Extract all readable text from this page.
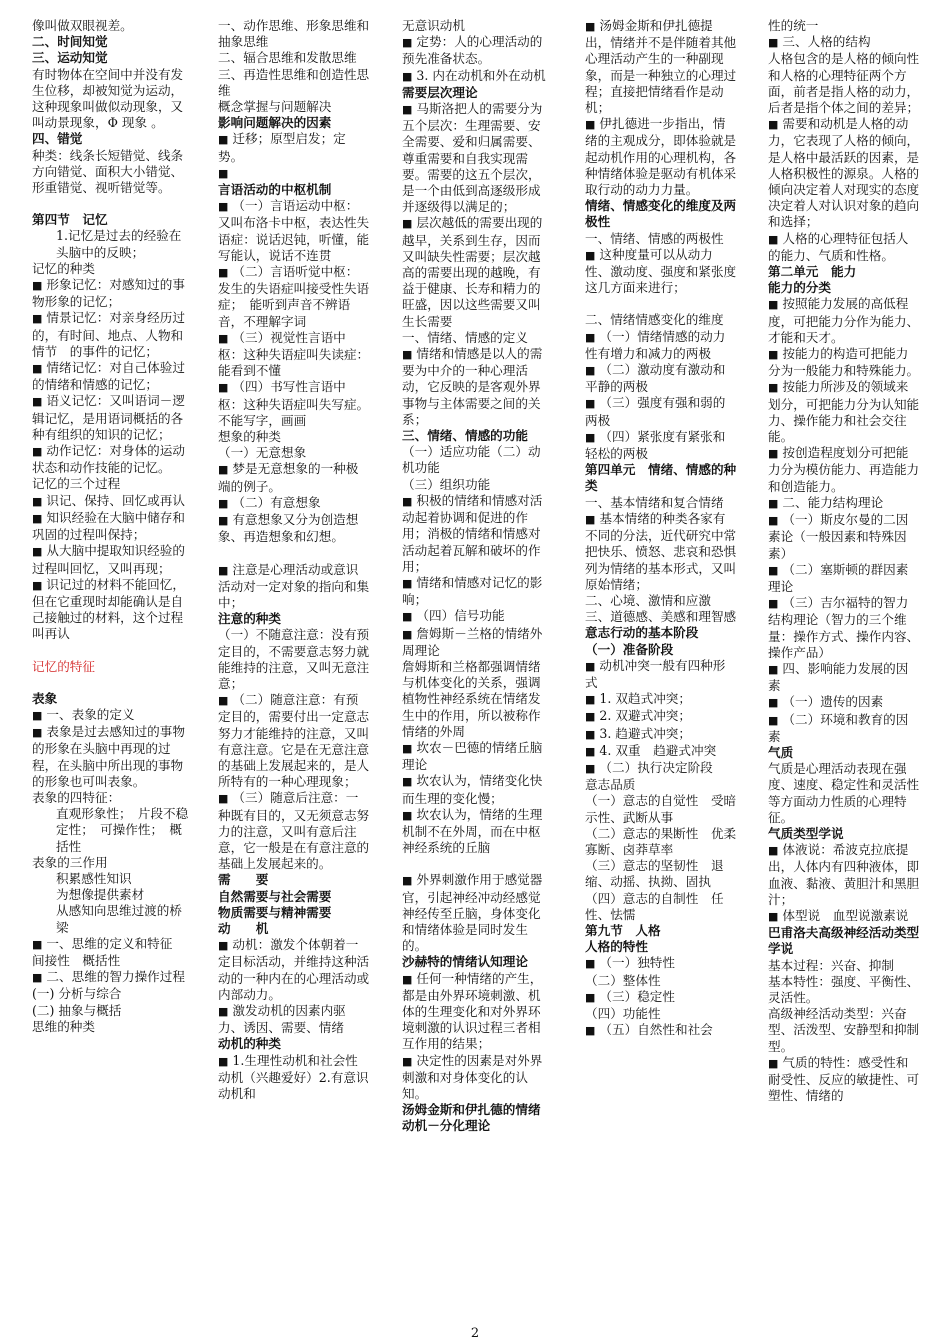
像叫做双眼视差。
二、时间知觉
三、运动知觉
有时物体在空间中并没有发生位移，却被知觉为运动，这种现象叫做似动现象，又叫动景现象，Φ 现象 。
四、错觉
种类：线条长短错觉、线条方向错觉、面积大小错觉、形重错觉、视听错觉等。
第四节　记忆
1.记忆是过去的经验在头脑中的反映；
记忆的种类
■ 形象记忆：对感知过的事物形象的记忆；
■ 情景记忆：对亲身经历过的，有时间、地点、人物和情节　的事件的记忆；
■ 情绪记忆：对自己体验过的情绪和情感的记忆；
■ 语义记忆：又叫语词－逻辑记忆，是用语词概括的各种有组织的知识的记忆；
■ 动作记忆：对身体的运动状态和动作技能的记忆。
记忆的三个过程
■ 识记、保持、回忆或再认
■ 知识经验在大脑中储存和巩固的过程叫保持；
■ 从大脑中提取知识经验的过程叫回忆，又叫再现；
■ 识记过的材料不能回忆，但在它重现时却能确认是自己接触过的材料，这个过程叫再认
记忆的特征
表象
■ 一、表象的定义
■ 表象是过去感知过的事物的形象在头脑中再现的过程，在头脑中所出现的事物的形象也可叫表象。
表象的四特征：
直观形象性；　片段不稳定性；　可操作性；　概括性
表象的三作用
积累感性知识
为想像提供素材
从感知向思维过渡的桥梁
■ 一、思维的定义和特征　间接性　概括性
■ 二、思维的智力操作过程
(一) 分析与综合
(二) 抽象与概括
思维的种类
一、动作思维、形象思维和抽象思维
二、辐合思维和发散思维
三、再造性思维和创造性思维
概念掌握与问题解决
影响问题解决的因素
■ 迁移；原型启发；定势。
■
言语活动的中枢机制
■ （一）言语运动中枢：又叫布洛卡中枢，表达性失语症：说话迟钝，听懂，能写能认，说话不连贯
■ （二）言语听觉中枢：发生的失语症叫接受性失语症；　能听到声音不辨语音，不理解字词
■ （三）视觉性言语中枢：这种失语症叫失读症：能看到不懂
■ （四）书写性言语中枢：这种失语症叫失写症。不能写字，画画
想象的种类
（一）无意想象
■ 梦是无意想象的一种极端的例子。
■ （二）有意想象
■ 有意想象又分为创造想象、再造想象和幻想。
■ 注意是心理活动或意识活动对一定对象的指向和集中；
注意的种类
（一）不随意注意：没有预定目的，不需要意志努力就能维持的注意，又叫无意注意；
■ （二）随意注意：有预定目的，需要付出一定意志努力才能维持的注意，又叫有意注意。它是在无意注意的基础上发展起来的，是人所特有的一种心理现象；
■ （三）随意后注意：一种既有目的，又无须意志努力的注意，又叫有意后注意，它一般是在有意注意的基础上发展起来的。
需　　要
自然需要与社会需要
物质需要与精神需要
动　　机
■ 动机：激发个体朝着一定目标活动，并维持这种活动的一种内在的心理活动或内部动力。
■ 激发动机的因素内驱力、诱因、需要、情绪
动机的种类
■ 1.生理性动机和社会性动机（兴趣爱好）2.有意识动机和
无意识动机
■ 定势：人的心理活动的预先准备状态。
■ 3. 内在动机和外在动机
需要层次理论
■ 马斯洛把人的需要分为五个层次：生理需要、安全需要、爱和归属需要、尊重需要和自我实现需要。需要的这五个层次，是一个由低到高逐级形成并逐级得以满足的；
■ 层次越低的需要出现的越早，关系到生存，因而又叫缺失性需要；层次越高的需要出现的越晚，有益于健康、长寿和精力的旺盛，因以这些需要又叫生长需要
一、情绪、情感的定义
■ 情绪和情感是以人的需要为中介的一种心理活动，它反映的是客观外界事物与主体需要之间的关系；
三、情绪、情感的功能
（一）适应功能（二）动机功能
（三）组织功能
■ 积极的情绪和情感对活动起着协调和促进的作用；消极的情绪和情感对活动起着瓦解和破坏的作用；
■ 情绪和情感对记忆的影响；
■ （四）信号功能
■ 詹姆斯－兰格的情绪外周理论
詹姆斯和兰格都强调情绪与机体变化的关系，强调植物性神经系统在情绪发生中的作用，所以被称作情绪的外周
■ 坎农－巴德的情绪丘脑理论
■ 坎农认为，情绪变化快而生理的变化慢；
■ 坎农认为，情绪的生理机制不在外周，而在中枢神经系统的丘脑
■ 外界刺激作用于感觉器官，引起神经冲动经感觉神经传至丘脑，身体变化和情绪体验是同时发生的。
沙赫特的情绪认知理论
■ 任何一种情绪的产生，都是由外界环境刺激、机体的生理变化和对外界环境刺激的认识过程三者相互作用的结果；
■ 决定性的因素是对外界刺激和对身体变化的认知。
汤姆金斯和伊扎德的情绪动机－分化理论
■ 汤姆金斯和伊扎德提出，情绪并不是伴随着其他心理活动产生的一种副现象，而是一种独立的心理过程；直接把情绪看作是动机；
■ 伊扎德进一步指出，情绪的主观成分，即体验就是起动机作用的心理机构，各种情绪体验是驱动有机体采取行动的动力力量。
情绪、情感变化的维度及两极性
一、情绪、情感的两极性
■ 这种度量可以从动力性、激动度、强度和紧张度这几方面来进行；
二、情绪情感变化的维度
■ （一）情绪情感的动力性有增力和减力的两极
■ （二）激动度有激动和平静的两极
■ （三）强度有强和弱的两极
■ （四）紧张度有紧张和轻松的两极
第四单元　情绪、情感的种类
一、基本情绪和复合情绪
■ 基本情绪的种类各家有不同的分法，近代研究中常把快乐、愤怒、悲哀和恐惧列为情绪的基本形式，又叫原始情绪；
二、心境、激情和应激
三、道德感、美感和理智感
意志行动的基本阶段
（一）准备阶段
■ 动机冲突一般有四种形式
■ 1. 双趋式冲突；
■ 2. 双避式冲突；
■ 3. 趋避式冲突；
■ 4. 双重　趋避式冲突
■ （二）执行决定阶段
意志品质
（一）意志的自觉性　受暗示性、武断从事
（二）意志的果断性　优柔寡断、卤莽草率
（三）意志的坚韧性　退缩、动摇、执拗、固执
（四）意志的自制性　任性、怯懦
第九节　人格
人格的特性
■ （一）独特性
（二）整体性
■ （三）稳定性
（四）功能性
■ （五）自然性和社会
性的统一
■ 三、人格的结构
人格包含的是人格的倾向性和人格的心理特征两个方面，前者是指人格的动力，后者是指个体之间的差异；
■ 需要和动机是人格的动力，它表现了人格的倾向，是人格中最活跃的因素，是人格积极性的源泉。人格的倾向决定着人对现实的态度决定着人对认识对象的趋向和选择；
■ 人格的心理特征包括人的能力、气质和性格。
第二单元　能力
能力的分类
■ 按照能力发展的高低程度，可把能力分作为能力、才能和天才。
■ 按能力的构造可把能力分为一般能力和特殊能力。
■ 按能力所涉及的领域来划分，可把能力分为认知能力、操作能力和社会交往能。
■ 按创造程度划分可把能力分为模仿能力、再造能力和创造能力。
■ 二、能力结构理论
■ （一）斯皮尔曼的二因素论（一般因素和特殊因素）
■ （二）塞斯顿的群因素理论
■ （三）吉尔福特的智力结构理论（智力的三个维量：操作方式、操作内容、操作产品）
■ 四、影响能力发展的因素
■ （一）遗传的因素
■ （二）环境和教育的因素
气质
气质是心理活动表现在强度、速度、稳定性和灵活性等方面动力性质的心理特征。
气质类型学说
■ 体液说：希波克拉底提出，人体内有四种液体，即血液、黏液、黄胆汁和黑胆汁；
■ 体型说　血型说激素说
巴甫洛夫高级神经活动类型学说
基本过程：兴奋、抑制
基本特性：强度、平衡性、灵活性。
高级神经活动类型：兴奋型、活泼型、安静型和抑制型。
■ 气质的特性：感受性和耐受性、反应的敏捷性、可塑性、情绪的
2
